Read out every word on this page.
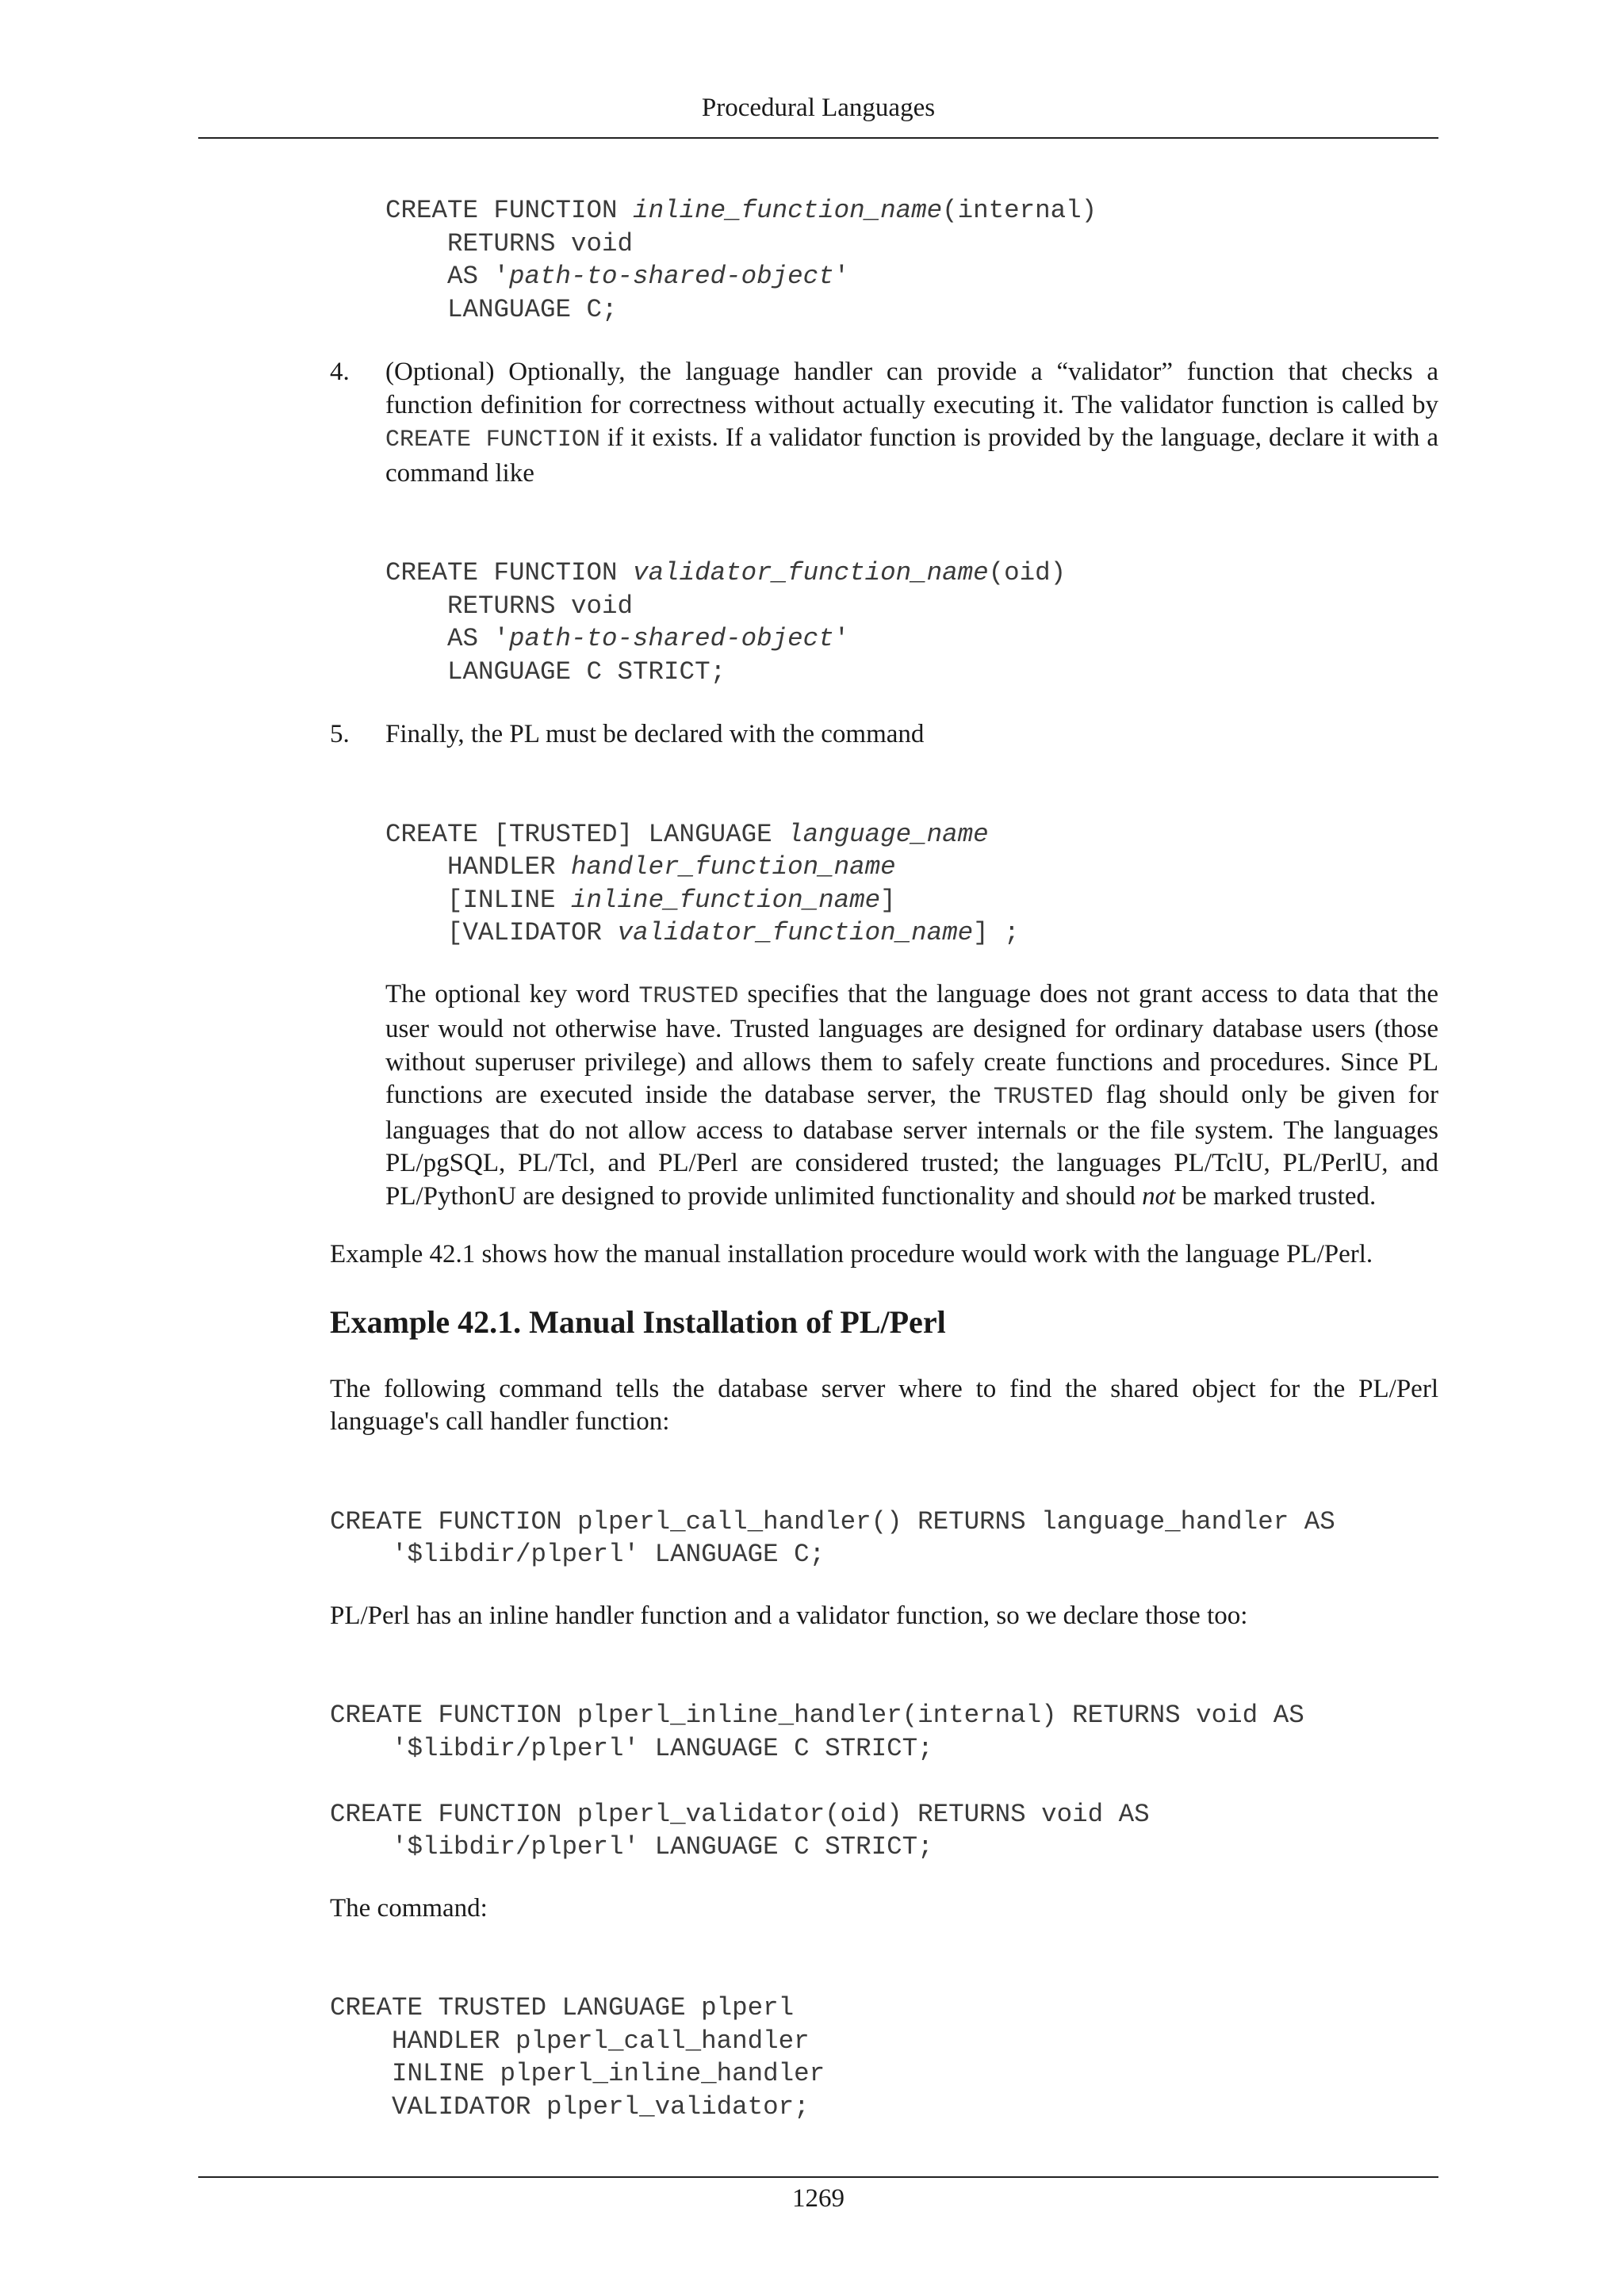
Procedural Languages
CREATE FUNCTION inline_function_name(internal)
RETURNS void
AS 'path-to-shared-object'
LANGUAGE C;
4. (Optional) Optionally, the language handler can provide a “validator” function that checks a function definition for correctness without actually executing it. The validator function is called by CREATE FUNCTION if it exists. If a validator function is provided by the language, declare it with a command like

CREATE FUNCTION validator_function_name(oid)
RETURNS void
AS 'path-to-shared-object'
LANGUAGE C STRICT;
5. Finally, the PL must be declared with the command

CREATE [TRUSTED] LANGUAGE language_name
HANDLER handler_function_name
[INLINE inline_function_name]
[VALIDATOR validator_function_name] ;

The optional key word TRUSTED specifies that the language does not grant access to data that the user would not otherwise have. Trusted languages are designed for ordinary database users (those without superuser privilege) and allows them to safely create functions and procedures. Since PL functions are executed inside the database server, the TRUSTED flag should only be given for languages that do not allow access to database server internals or the file system. The languages PL/pgSQL, PL/Tcl, and PL/Perl are considered trusted; the languages PL/TclU, PL/PerlU, and PL/PythonU are designed to provide unlimited functionality and should not be marked trusted.

Example 42.1 shows how the manual installation procedure would work with the language PL/Perl.

Example 42.1. Manual Installation of PL/Perl

The following command tells the database server where to find the shared object for the PL/Perl language's call handler function:

CREATE FUNCTION plperl_call_handler() RETURNS language_handler AS
'$libdir/plperl' LANGUAGE C;

PL/Perl has an inline handler function and a validator function, so we declare those too:

CREATE FUNCTION plperl_inline_handler(internal) RETURNS void AS
'$libdir/plperl' LANGUAGE C STRICT;

CREATE FUNCTION plperl_validator(oid) RETURNS void AS
'$libdir/plperl' LANGUAGE C STRICT;

The command:

CREATE TRUSTED LANGUAGE plperl
HANDLER plperl_call_handler
INLINE plperl_inline_handler
VALIDATOR plperl_validator;
1269
